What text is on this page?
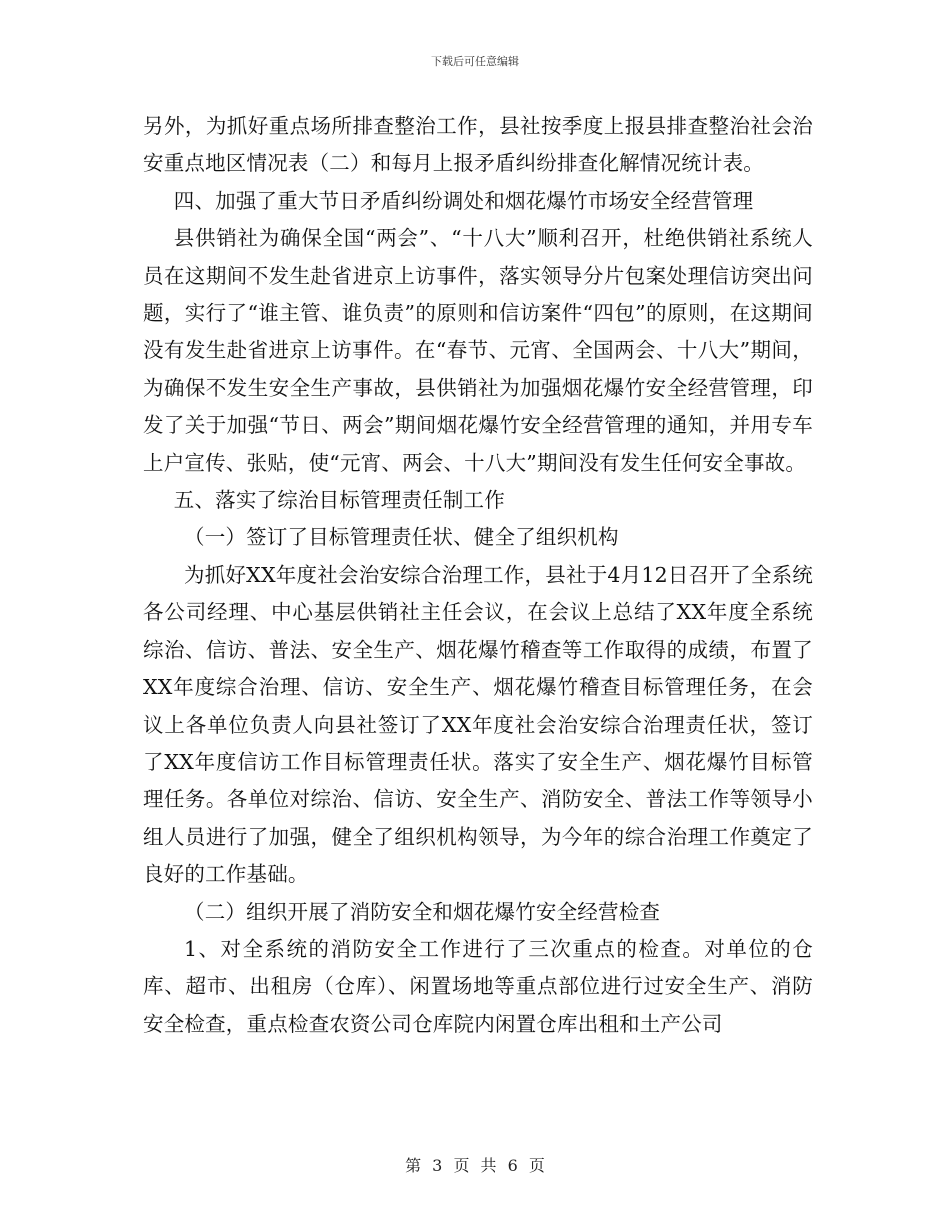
下载后可任意编辑

另外，为抓好重点场所排查整治工作，县社按季度上报县排查整治社会治安重点地区情况表（二）和每月上报矛盾纠纷排查化解情况统计表。

四、加强了重大节日矛盾纠纷调处和烟花爆竹市场安全经营管理

县供销社为确保全国“两会”、“十八大”顺利召开，杜绝供销社系统人员在这期间不发生赴省进京上访事件，落实领导分片包案处理信访突出问题，实行了“谁主管、谁负责”的原则和信访案件“四包”的原则，在这期间没有发生赴省进京上访事件。在“春节、元宵、全国两会、十八大”期间，为确保不发生安全生产事故，县供销社为加强烟花爆竹安全经营管理，印发了关于加强“节日、两会”期间烟花爆竹安全经营管理的通知，并用专车上户宣传、张贴，使“元宵、两会、十八大”期间没有发生任何安全事故。

五、落实了综治目标管理责任制工作

（一）签订了目标管理责任状、健全了组织机构

为抓好XX年度社会治安综合治理工作，县社于4月12日召开了全系统各公司经理、中心基层供销社主任会议，在会议上总结了XX年度全系统综治、信访、普法、安全生产、烟花爆竹稽查等工作取得的成绩，布置了XX年度综合治理、信访、安全生产、烟花爆竹稽查目标管理任务，在会议上各单位负责人向县社签订了XX年度社会治安综合治理责任状，签订了XX年度信访工作目标管理责任状。落实了安全生产、烟花爆竹目标管理任务。各单位对综治、信访、安全生产、消防安全、普法工作等领导小组人员进行了加强，健全了组织机构领导，为今年的综合治理工作奠定了良好的工作基础。

（二）组织开展了消防安全和烟花爆竹安全经营检查

1、对全系统的消防安全工作进行了三次重点的检查。对单位的仓库、超市、出租房（仓库）、闲置场地等重点部位进行过安全生产、消防安全检查，重点检查农资公司仓库院内闲置仓库出租和土产公司

第 3 页 共 6 页
